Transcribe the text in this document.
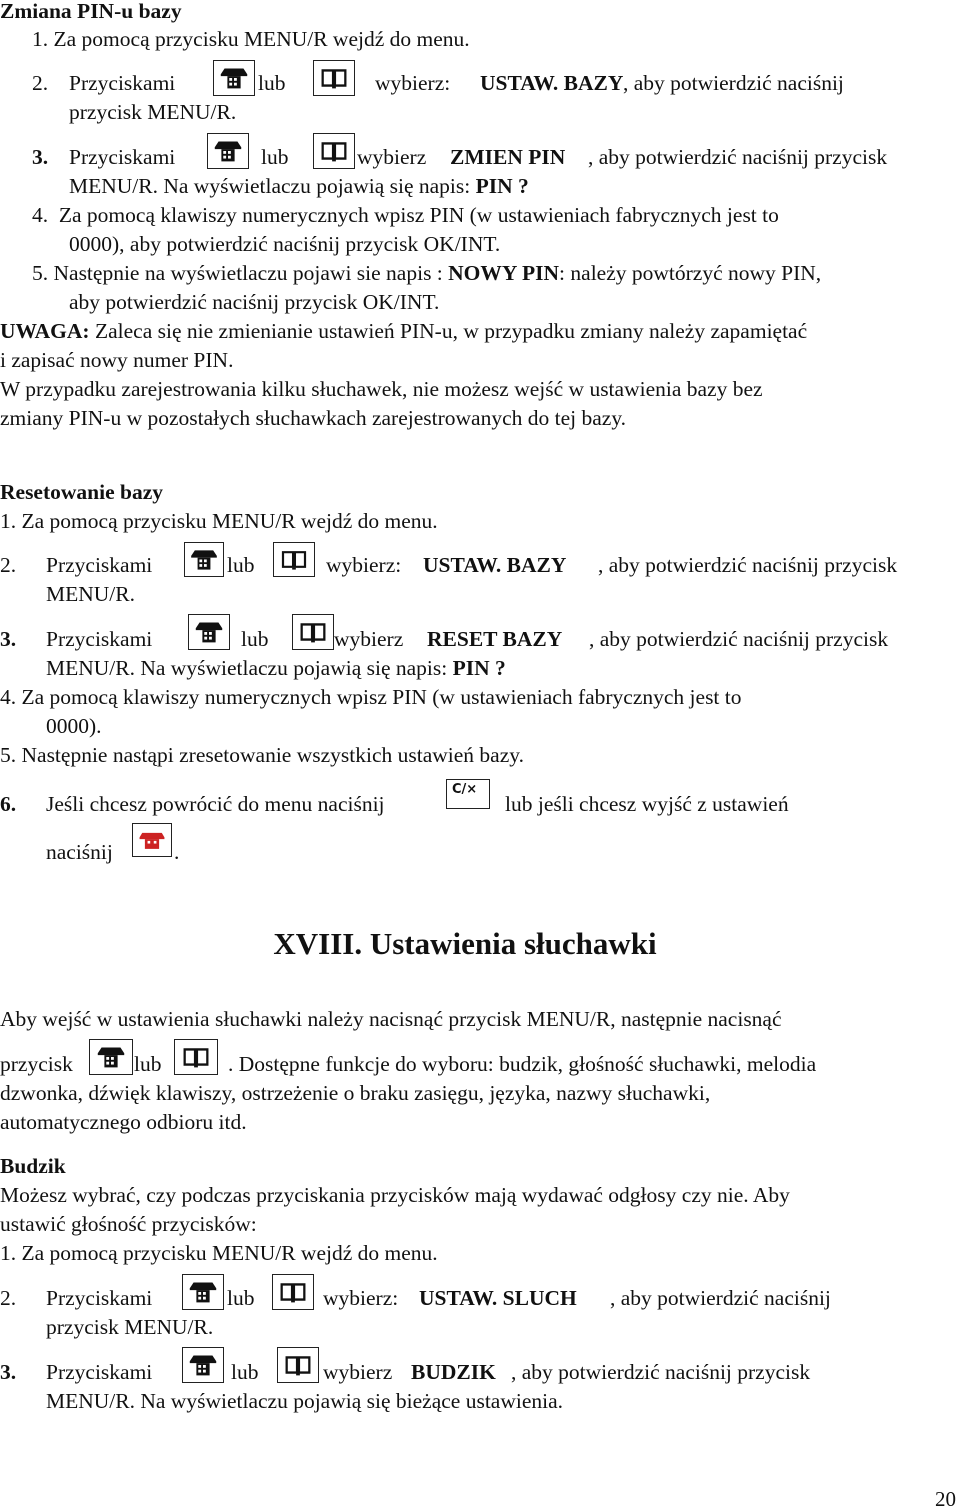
Zmiana PIN-u bazy
1. Za pomocą przycisku MENU/R wejdź do menu.
2. Przyciskami	lub	wybierz: USTAW. BAZY , aby potwierdzić naciśnij
przycisk MENU/R.
3. Przyciskami	lub	wybierz ZMIEN PIN , aby potwierdzić naciśnij przycisk
MENU/R. Na wyświetlaczu pojawią się napis: PIN ?
4.  Za pomocą klawiszy numerycznych wpisz PIN (w ustawieniach fabrycznych jest to
0000), aby potwierdzić naciśnij przycisk OK/INT.
5. Następnie na wyświetlaczu pojawi sie napis : NOWY PIN: należy powtórzyć nowy PIN,
aby potwierdzić naciśnij przycisk OK/INT.
UWAGA: Zaleca się nie zmienianie ustawień PIN-u, w przypadku zmiany należy zapamiętać
i zapisać nowy numer PIN.
W przypadku zarejestrowania kilku słuchawek, nie możesz wejść w ustawienia bazy bez
zmiany PIN-u w pozostałych słuchawkach zarejestrowanych do tej bazy.
Resetowanie bazy
1. Za pomocą przycisku MENU/R wejdź do menu.
2. Przyciskami	lub	wybierz: USTAW. BAZY , aby potwierdzić naciśnij przycisk
MENU/R.
3. Przyciskami	lub	wybierz RESET BAZY , aby potwierdzić naciśnij przycisk
MENU/R. Na wyświetlaczu pojawią się napis: PIN ?
4. Za pomocą klawiszy numerycznych wpisz PIN (w ustawieniach fabrycznych jest to
0000).
5. Następnie nastąpi zresetowanie wszystkich ustawień bazy.
6. Jeśli chcesz powrócić do menu naciśnij	lub jeśli chcesz wyjść z ustawień
C/×
naciśnij	.
XVIII. Ustawienia słuchawki
Aby wejść w ustawienia słuchawki należy nacisnąć przycisk MENU/R, następnie nacisnąć
przycisk	lub	. Dostępne funkcje do wyboru: budzik, głośność słuchawki, melodia
dzwonka, dźwięk klawiszy, ostrzeżenie o braku zasięgu, języka, nazwy słuchawki,
automatycznego odbioru itd.
Budzik
Możesz wybrać, czy podczas przyciskania przycisków mają wydawać odgłosy czy nie. Aby
ustawić głośność przycisków:
1. Za pomocą przycisku MENU/R wejdź do menu.
2. Przyciskami	lub	wybierz: USTAW. SLUCH , aby potwierdzić naciśnij
przycisk MENU/R.
3. Przyciskami	lub	wybierz BUDZIK , aby potwierdzić naciśnij przycisk
MENU/R. Na wyświetlaczu pojawią się bieżące ustawienia.
20
